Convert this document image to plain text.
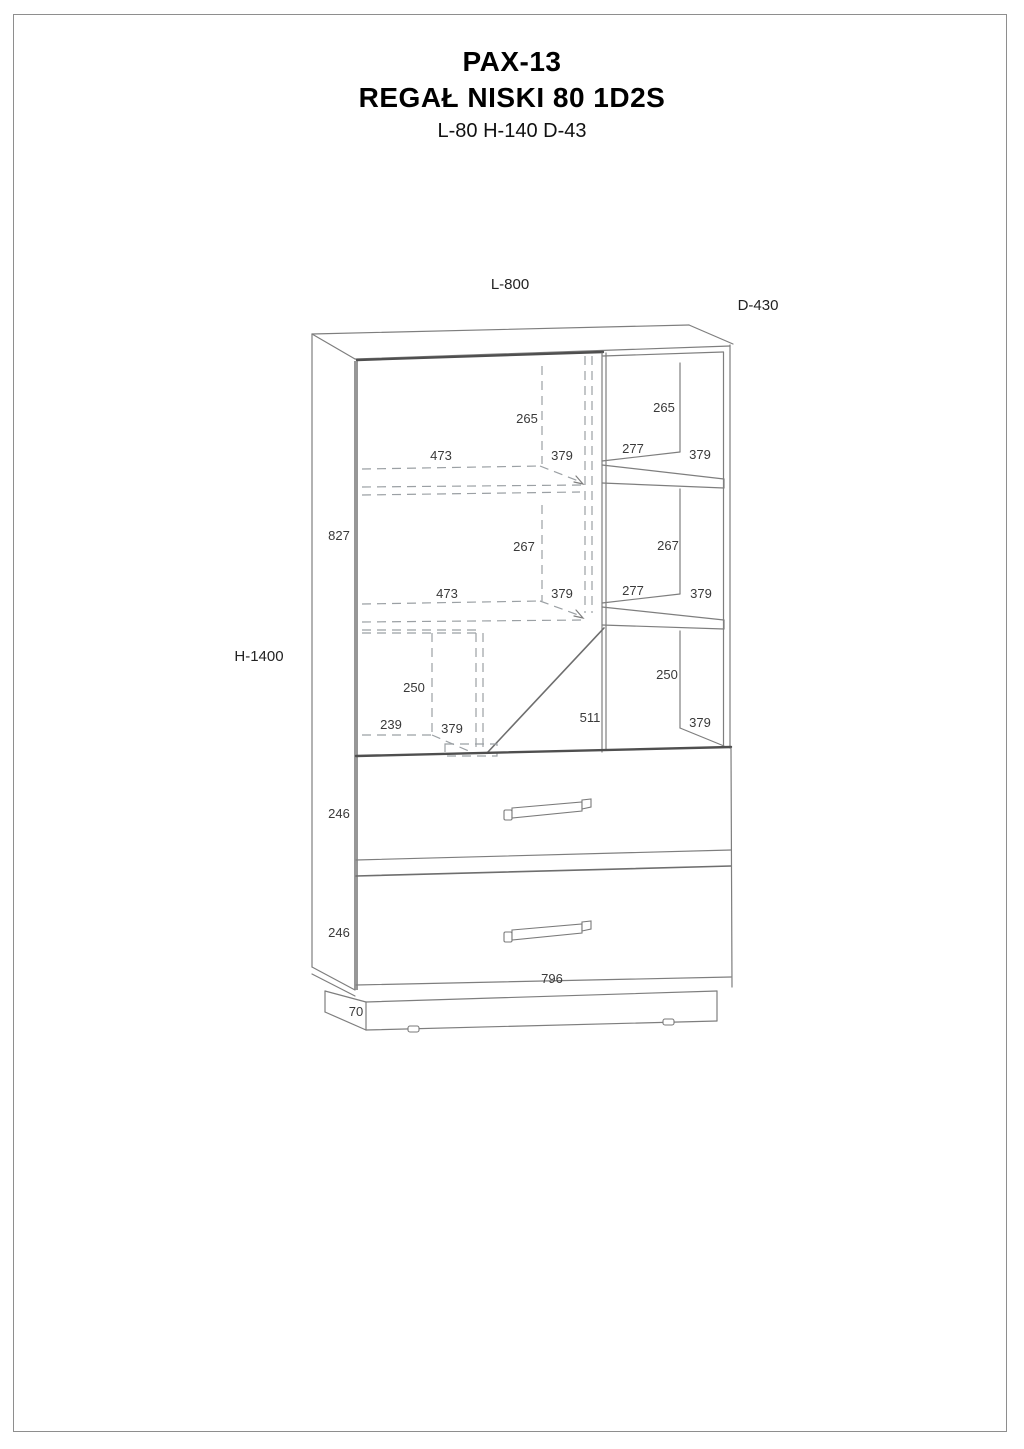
PAX-13
REGAŁ NISKI 80 1D2S
L-80 H-140 D-43
L-800
D-430
H-1400
827
265
265
473	379	277	379
267	267
473	379	277	379
250
250
239	379
511	379
246
246
796
70
